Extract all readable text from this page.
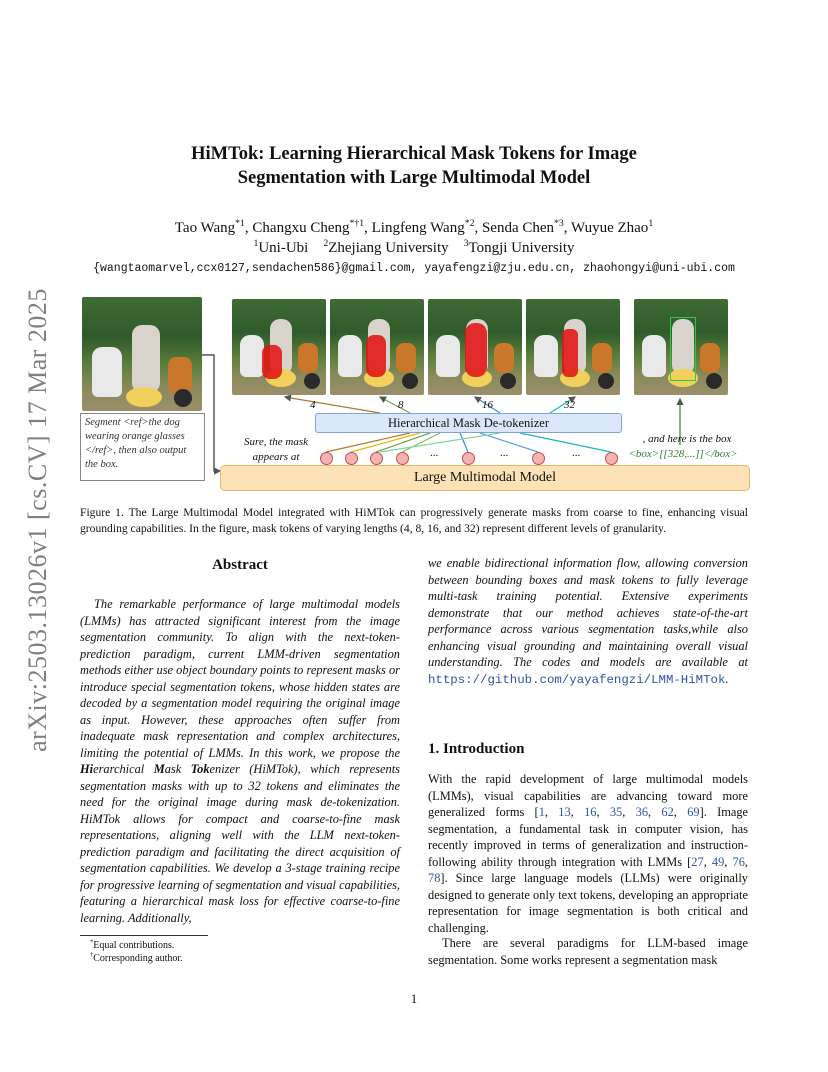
arXiv:2503.13026v1 [cs.CV] 17 Mar 2025
HiMTok: Learning Hierarchical Mask Tokens for Image
Segmentation with Large Multimodal Model
Tao Wang$^{*1}$, Changxu Cheng$^{*\dagger 1}$, Lingfeng Wang$^{*2}$, Senda Chen$^{*3}$, Wuyue Zhao$^1$
$^1$Uni-Ubi $^2$Zhejiang University $^3$Tongji University
{wangtaomarvel,ccx0127,sendachen586}@gmail.com, yayafengzi@zju.edu.cn, zhaohongyi@uni-ubi.com
Segment <ref>the dog wearing orange glasses </ref>, then also output the box.
4	8	16	32
Hierarchical Mask De-tokenizer
Sure, the mask appears at
, and here is the box
<box>[[328,...]]</box>
...	...	...
Large Multimodal Model
Figure 1. The Large Multimodal Model integrated with HiMTok can progressively generate masks from coarse to fine, enhancing visual grounding capabilities. In the figure, mask tokens of varying lengths (4, 8, 16, and 32) represent different levels of granularity.
Abstract
The remarkable performance of large multimodal models (LMMs) has attracted significant interest from the image segmentation community. To align with the next-token-prediction paradigm, current LMM-driven segmentation methods either use object boundary points to represent masks or introduce special segmentation tokens, whose hidden states are decoded by a segmentation model requiring the original image as input. However, these approaches often suffer from inadequate mask representation and complex architectures, limiting the potential of LMMs. In this work, we propose the Hierarchical Mask Tokenizer (HiMTok), which represents segmentation masks with up to 32 tokens and eliminates the need for the original image during mask de-tokenization. HiMTok allows for compact and coarse-to-fine mask representations, aligning well with the LLM next-token-prediction paradigm and facilitating the direct acquisition of segmentation capabilities. We develop a 3-stage training recipe for progressive learning of segmentation and visual capabilities, featuring a hierarchical mask loss for effective coarse-to-fine learning. Additionally,
*Equal contributions.
†Corresponding author.
we enable bidirectional information flow, allowing conversion between bounding boxes and mask tokens to fully leverage multi-task training potential. Extensive experiments demonstrate that our method achieves state-of-the-art performance across various segmentation tasks,while also enhancing visual grounding and maintaining overall visual understanding. The codes and models are available at https://github.com/yayafengzi/LMM-HiMTok.
1. Introduction
With the rapid development of large multimodal models (LMMs), visual capabilities are advancing toward more generalized forms [1, 13, 16, 35, 36, 62, 69]. Image segmentation, a fundamental task in computer vision, has recently improved in terms of generalization and instruction-following ability through integration with LMMs [27, 49, 76, 78]. Since large language models (LLMs) were originally designed to generate only text tokens, developing an appropriate representation for image segmentation is both critical and challenging.
There are several paradigms for LLM-based image segmentation. Some works represent a segmentation mask
1
